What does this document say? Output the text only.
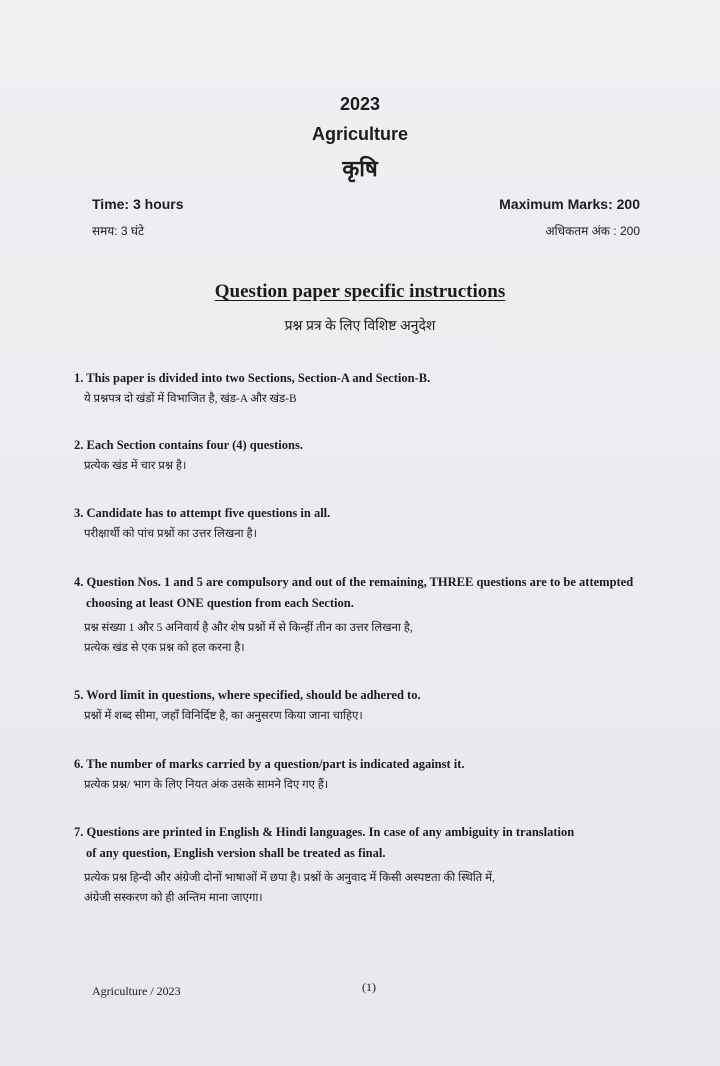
2023
Agriculture
कृषि
Time: 3 hours
समय: 3 घंटे
Maximum Marks: 200
अधिकतम अंक : 200
Question paper specific instructions
प्रश्न प्रत्र के लिए विशिष्ट अनुदेश
1. This paper is divided into two Sections, Section-A and Section-B.
ये प्रश्नपत्र दो खंडों में विभाजित है, खंड-A और खंड-B
2. Each Section contains four (4) questions.
प्रत्येक खंड में चार प्रश्न है।
3. Candidate has to attempt five questions in all.
परीक्षार्थी को पांच प्रश्नों का उत्तर लिखना है।
4. Question Nos. 1 and 5 are compulsory and out of the remaining, THREE questions are to be attempted
choosing at least ONE question from each Section.
प्रश्न संख्या 1 और 5 अनिवार्य है और शेष प्रश्नों में से किन्हीं तीन का उत्तर लिखना है,
प्रत्येक खंड से एक प्रश्न को हल करना है।
5. Word limit in questions, where specified, should be adhered to.
प्रश्नों में शब्द सीमा, जहाँ विनिर्दिष्ट है, का अनुसरण किया जाना चाहिए।
6. The number of marks carried by a question/part is indicated against it.
प्रत्येक प्रश्न/ भाग के लिए नियत अंक उसके सामने दिए गए हैं।
7. Questions are printed in English & Hindi languages. In case of any ambiguity in translation
of any question, English version shall be treated as final.
प्रत्येक प्रश्न हिन्दी और अंग्रेजी दोनों भाषाओं में छपा है। प्रश्नों के अनुवाद में किसी अस्पष्टता की स्थिति में,
अंग्रेजी सस्करण को ही अन्तिम माना जाएगा।
Agriculture / 2023	(1)
